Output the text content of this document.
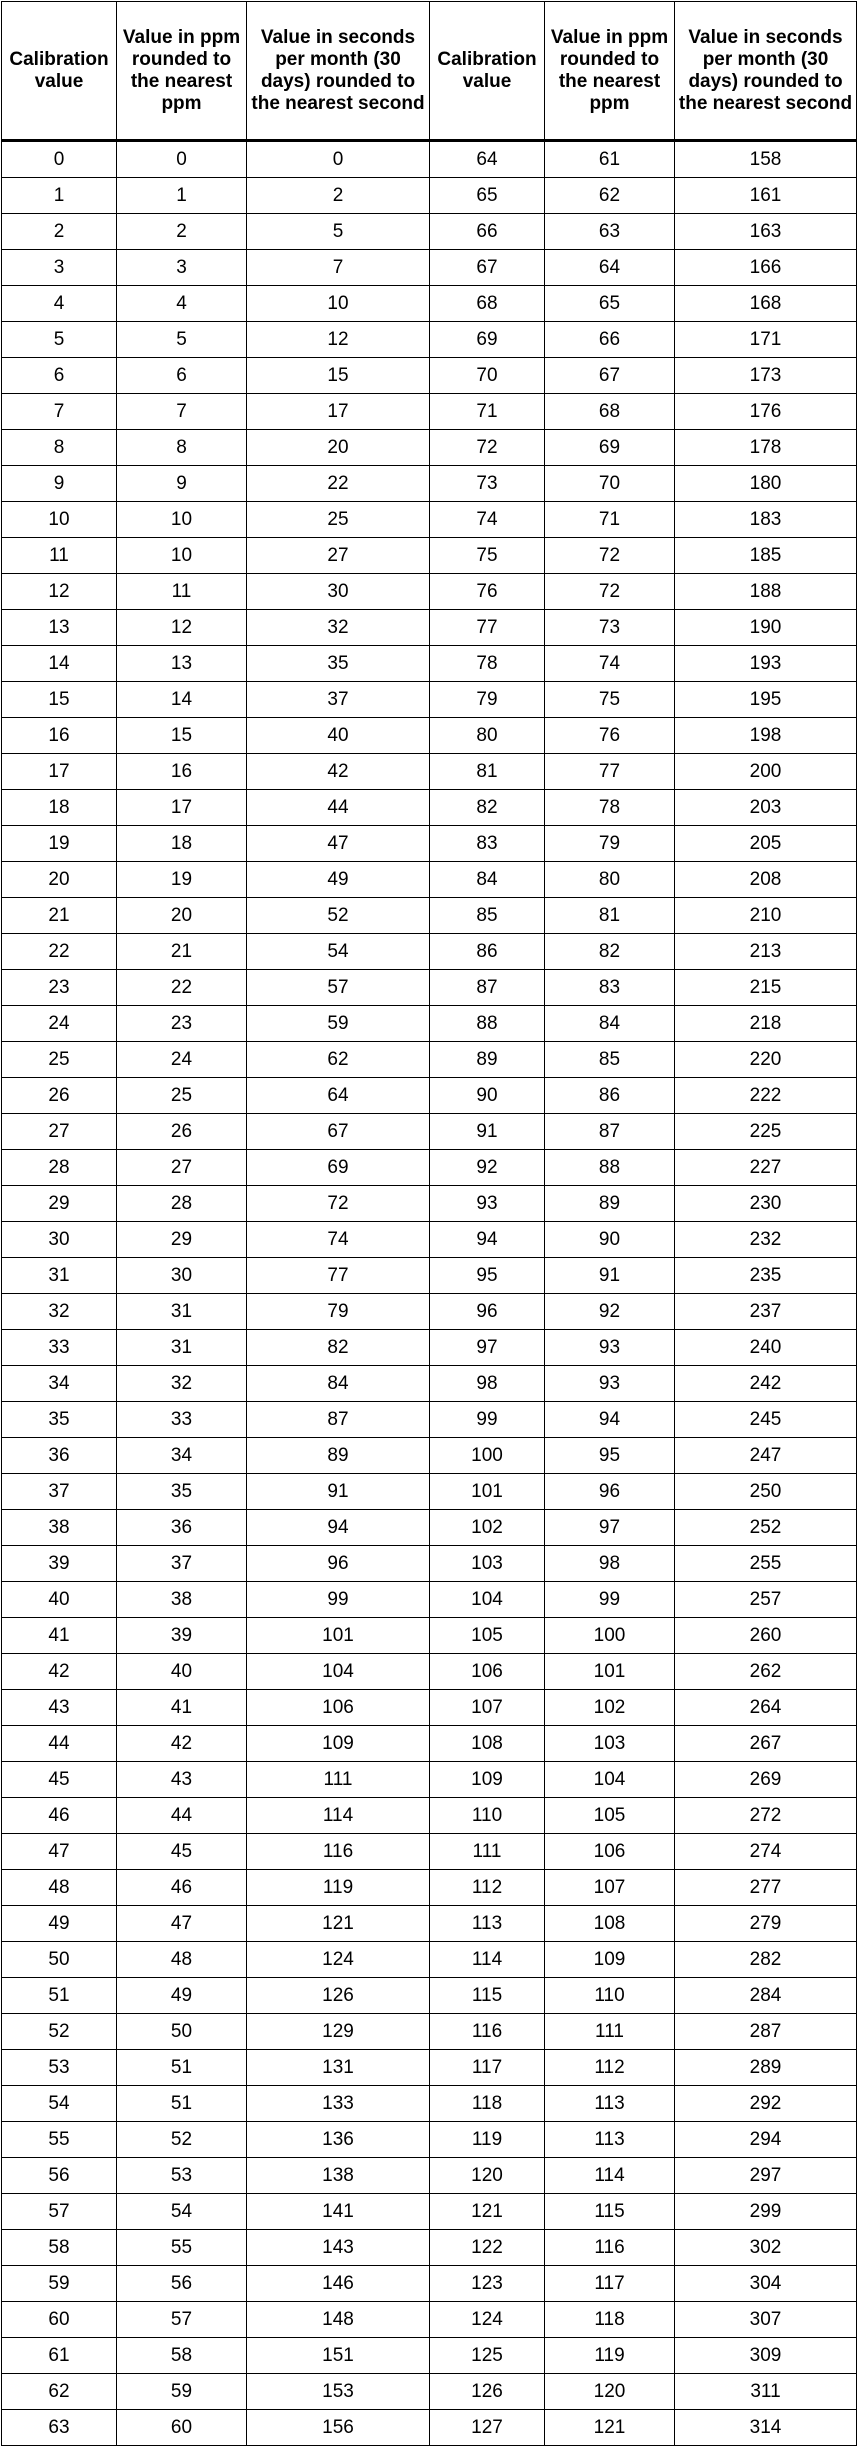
Calibration value	Value in ppm rounded to the nearest ppm	Value in seconds per month (30 days) rounded to the nearest second	Calibration value	Value in ppm rounded to the nearest ppm	Value in seconds per month (30 days) rounded to the nearest second
0	0	0	64	61	158
1	1	2	65	62	161
2	2	5	66	63	163
3	3	7	67	64	166
4	4	10	68	65	168
5	5	12	69	66	171
6	6	15	70	67	173
7	7	17	71	68	176
8	8	20	72	69	178
9	9	22	73	70	180
10	10	25	74	71	183
11	10	27	75	72	185
12	11	30	76	72	188
13	12	32	77	73	190
14	13	35	78	74	193
15	14	37	79	75	195
16	15	40	80	76	198
17	16	42	81	77	200
18	17	44	82	78	203
19	18	47	83	79	205
20	19	49	84	80	208
21	20	52	85	81	210
22	21	54	86	82	213
23	22	57	87	83	215
24	23	59	88	84	218
25	24	62	89	85	220
26	25	64	90	86	222
27	26	67	91	87	225
28	27	69	92	88	227
29	28	72	93	89	230
30	29	74	94	90	232
31	30	77	95	91	235
32	31	79	96	92	237
33	31	82	97	93	240
34	32	84	98	93	242
35	33	87	99	94	245
36	34	89	100	95	247
37	35	91	101	96	250
38	36	94	102	97	252
39	37	96	103	98	255
40	38	99	104	99	257
41	39	101	105	100	260
42	40	104	106	101	262
43	41	106	107	102	264
44	42	109	108	103	267
45	43	111	109	104	269
46	44	114	110	105	272
47	45	116	111	106	274
48	46	119	112	107	277
49	47	121	113	108	279
50	48	124	114	109	282
51	49	126	115	110	284
52	50	129	116	111	287
53	51	131	117	112	289
54	51	133	118	113	292
55	52	136	119	113	294
56	53	138	120	114	297
57	54	141	121	115	299
58	55	143	122	116	302
59	56	146	123	117	304
60	57	148	124	118	307
61	58	151	125	119	309
62	59	153	126	120	311
63	60	156	127	121	314
